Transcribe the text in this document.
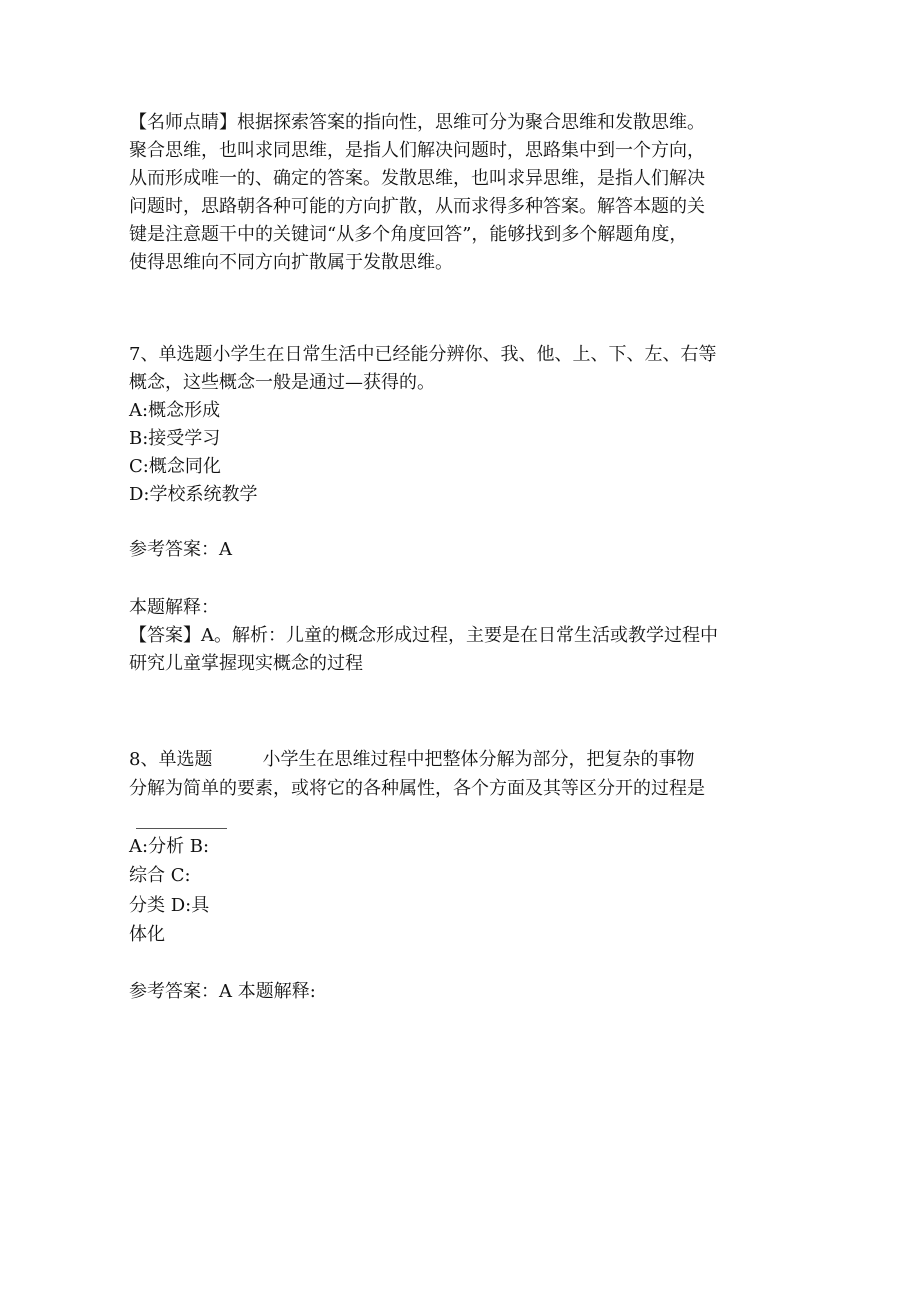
【名师点睛】根据探索答案的指向性，思维可分为聚合思维和发散思维。
聚合思维，也叫求同思维，是指人们解决问题时，思路集中到一个方向，
从而形成唯一的、确定的答案。发散思维，也叫求异思维，是指人们解决
问题时，思路朝各种可能的方向扩散，从而求得多种答案。解答本题的关
键是注意题干中的关键词“从多个角度回答”，能够找到多个解题角度，
使得思维向不同方向扩散属于发散思维。
7、单选题小学生在日常生活中已经能分辨你、我、他、上、下、左、右等
概念，这些概念一般是通过—获得的。
A:概念形成
B:接受学习
C:概念同化
D:学校系统教学
参考答案：A
本题解释：
【答案】A。解析：儿童的概念形成过程，主要是在日常生活或教学过程中
研究儿童掌握现实概念的过程
8、单选题	小学生在思维过程中把整体分解为部分，把复杂的事物
分解为简单的要素，或将它的各种属性，各个方面及其等区分开的过程是
A:分析 B:
综合 C:
分类 D:具
体化
参考答案：A 本题解释:
